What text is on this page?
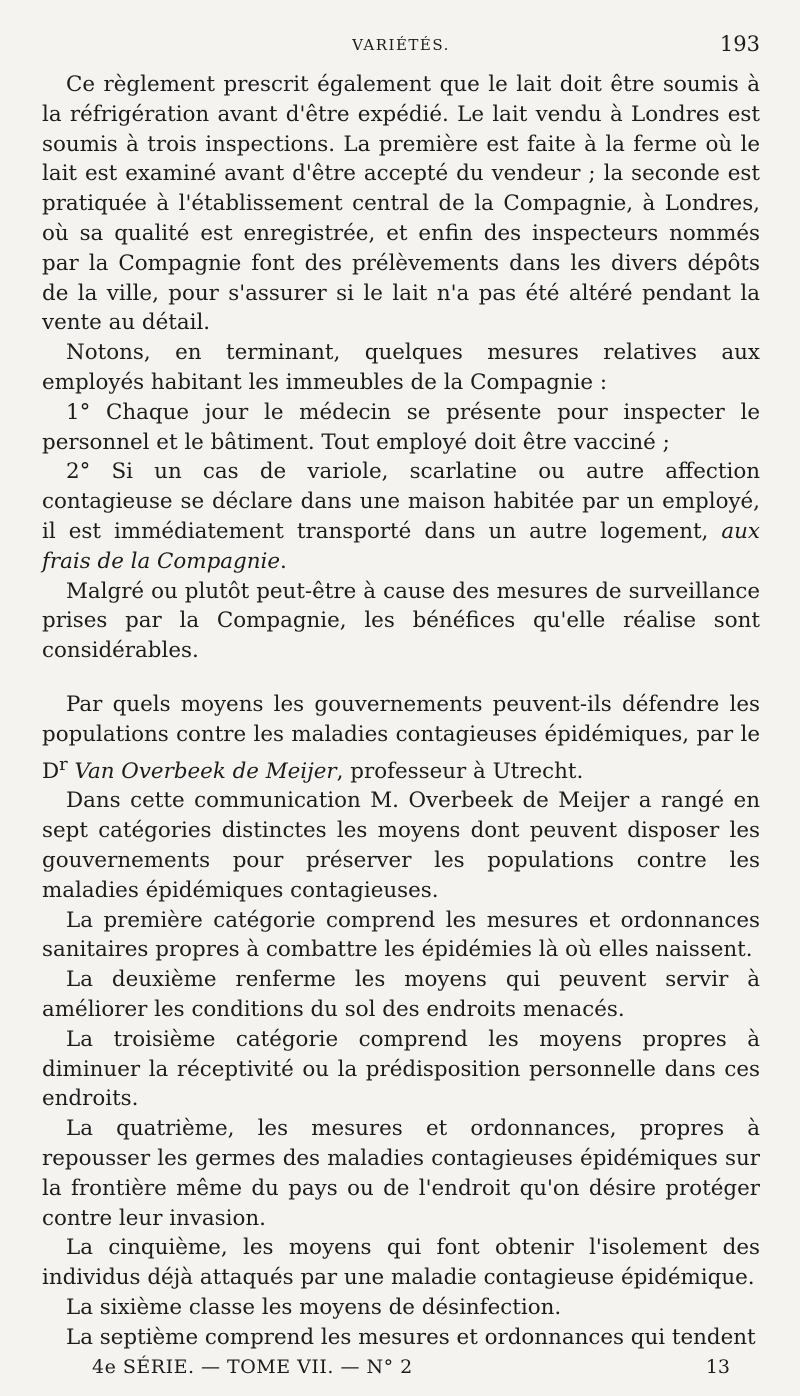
VARIÉTÉS.	193

Ce règlement prescrit également que le lait doit être soumis à la réfrigération avant d'être expédié. Le lait vendu à Londres est soumis à trois inspections. La première est faite à la ferme où le lait est examiné avant d'être accepté du vendeur ; la seconde est pratiquée à l'établissement central de la Compagnie, à Londres, où sa qualité est enregistrée, et enfin des inspecteurs nommés par la Compagnie font des prélèvements dans les divers dépôts de la ville, pour s'assurer si le lait n'a pas été altéré pendant la vente au détail.

Notons, en terminant, quelques mesures relatives aux employés habitant les immeubles de la Compagnie :

1° Chaque jour le médecin se présente pour inspecter le personnel et le bâtiment. Tout employé doit être vacciné ;

2° Si un cas de variole, scarlatine ou autre affection contagieuse se déclare dans une maison habitée par un employé, il est immédiatement transporté dans un autre logement, aux frais de la Compagnie.

Malgré ou plutôt peut-être à cause des mesures de surveillance prises par la Compagnie, les bénéfices qu'elle réalise sont considérables.

Par quels moyens les gouvernements peuvent-ils défendre les populations contre les maladies contagieuses épidémiques, par le $D^r$ Van Overbeek de Meijer, professeur à Utrecht.

Dans cette communication M. Overbeek de Meijer a rangé en sept catégories distinctes les moyens dont peuvent disposer les gouvernements pour préserver les populations contre les maladies épidémiques contagieuses.

La première catégorie comprend les mesures et ordonnances sanitaires propres à combattre les épidémies là où elles naissent.

La deuxième renferme les moyens qui peuvent servir à améliorer les conditions du sol des endroits menacés.

La troisième catégorie comprend les moyens propres à diminuer la réceptivité ou la prédisposition personnelle dans ces endroits.

La quatrième, les mesures et ordonnances, propres à repousser les germes des maladies contagieuses épidémiques sur la frontière même du pays ou de l'endroit qu'on désire protéger contre leur invasion.

La cinquième, les moyens qui font obtenir l'isolement des individus déjà attaqués par une maladie contagieuse épidémique.

La sixième classe les moyens de désinfection.

La septième comprend les mesures et ordonnances qui tendent

4e SÉRIE. — TOME VII. — N° 2	13
